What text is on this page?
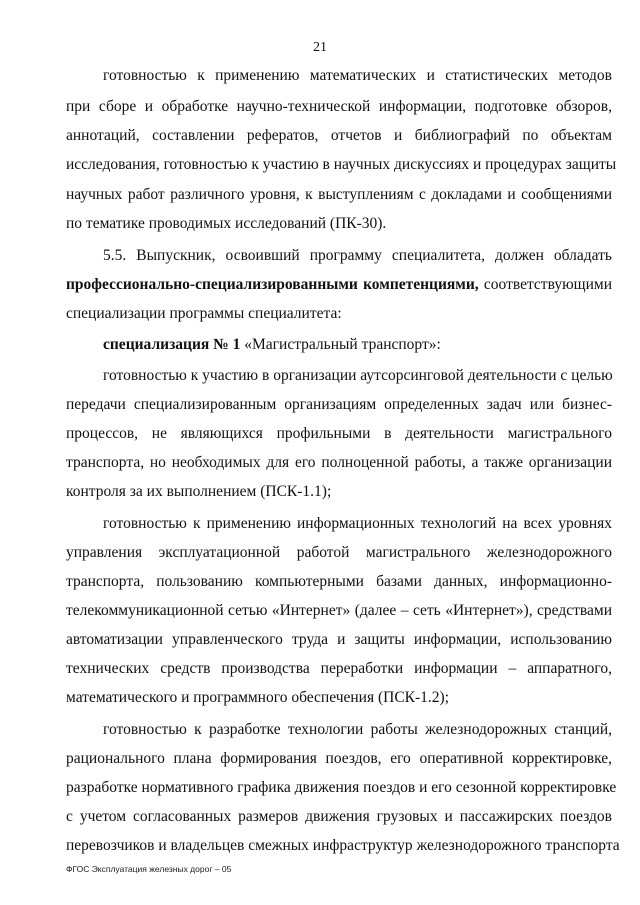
21
готовностью к применению математических и статистических методов
при сборе и обработке научно-технической информации, подготовке обзоров,
аннотаций, составлении рефератов, отчетов и библиографий по объектам
исследования, готовностью к участию в научных дискуссиях и процедурах защиты
научных работ различного уровня, к выступлениям с докладами и сообщениями
по тематике проводимых исследований (ПК-30).
5.5. Выпускник, освоивший программу специалитета, должен обладать
профессионально-специализированными компетенциями, соответствующими
специализации программы специалитета:
специализация № 1 «Магистральный транспорт»:
готовностью к участию в организации аутсорсинговой деятельности с целью
передачи специализированным организациям определенных задач или бизнес-
процессов, не являющихся профильными в деятельности магистрального
транспорта, но необходимых для его полноценной работы, а также организации
контроля за их выполнением (ПСК-1.1);
готовностью к применению информационных технологий на всех уровнях
управления эксплуатационной работой магистрального железнодорожного
транспорта, пользованию компьютерными базами данных, информационно-
телекоммуникационной сетью «Интернет» (далее – сеть «Интернет»), средствами
автоматизации управленческого труда и защиты информации, использованию
технических средств производства переработки информации – аппаратного,
математического и программного обеспечения (ПСК-1.2);
готовностью к разработке технологии работы железнодорожных станций,
рационального плана формирования поездов, его оперативной корректировке,
разработке нормативного графика движения поездов и его сезонной корректировке
с учетом согласованных размеров движения грузовых и пассажирских поездов
перевозчиков и владельцев смежных инфраструктур железнодорожного транспорта
ФГОС Эксплуатация железных дорог – 05
